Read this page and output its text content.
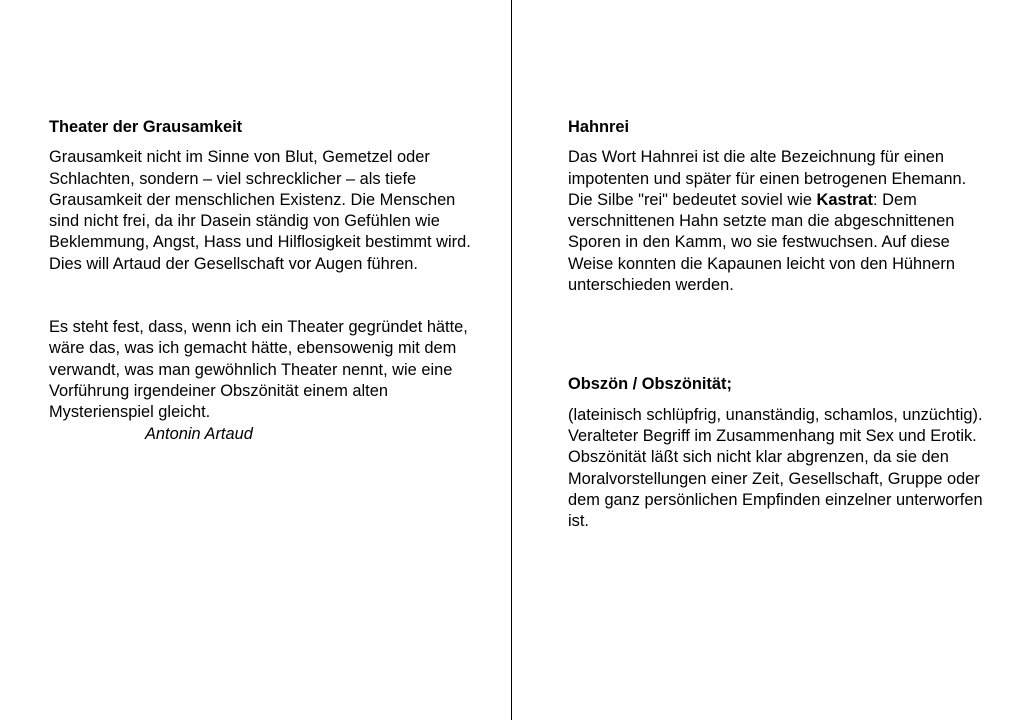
Theater der Grausamkeit

Grausamkeit nicht im Sinne von Blut, Gemetzel oder Schlachten, sondern – viel schrecklicher – als tiefe Grausamkeit der menschlichen Existenz. Die Menschen sind nicht frei, da ihr Dasein ständig von Gefühlen wie Beklemmung, Angst, Hass und Hilflosigkeit bestimmt wird. Dies will Artaud der Gesellschaft vor Augen führen.

Es steht fest, dass, wenn ich ein Theater gegründet hätte, wäre das, was ich gemacht hätte, ebensowenig mit dem verwandt, was man gewöhnlich Theater nennt, wie eine Vorführung irgendeiner Obszönität einem alten Mysterienspiel gleicht.

Antonin Artaud

Hahnrei

Das Wort Hahnrei ist die alte Bezeichnung für einen impotenten und später für einen betrogenen Ehemann. Die Silbe "rei" bedeutet soviel wie Kastrat: Dem verschnittenen Hahn setzte man die abgeschnittenen Sporen in den Kamm, wo sie festwuchsen. Auf diese Weise konnten die Kapaunen leicht von den Hühnern unterschieden werden.

Obszön / Obszönität;

(lateinisch schlüpfrig, unanständig, schamlos, unzüchtig). Veralteter Begriff im Zusammenhang mit Sex und Erotik. Obszönität läßt sich nicht klar abgrenzen, da sie den Moralvorstellungen einer Zeit, Gesellschaft, Gruppe oder dem ganz persönlichen Empfinden einzelner unterworfen ist.
